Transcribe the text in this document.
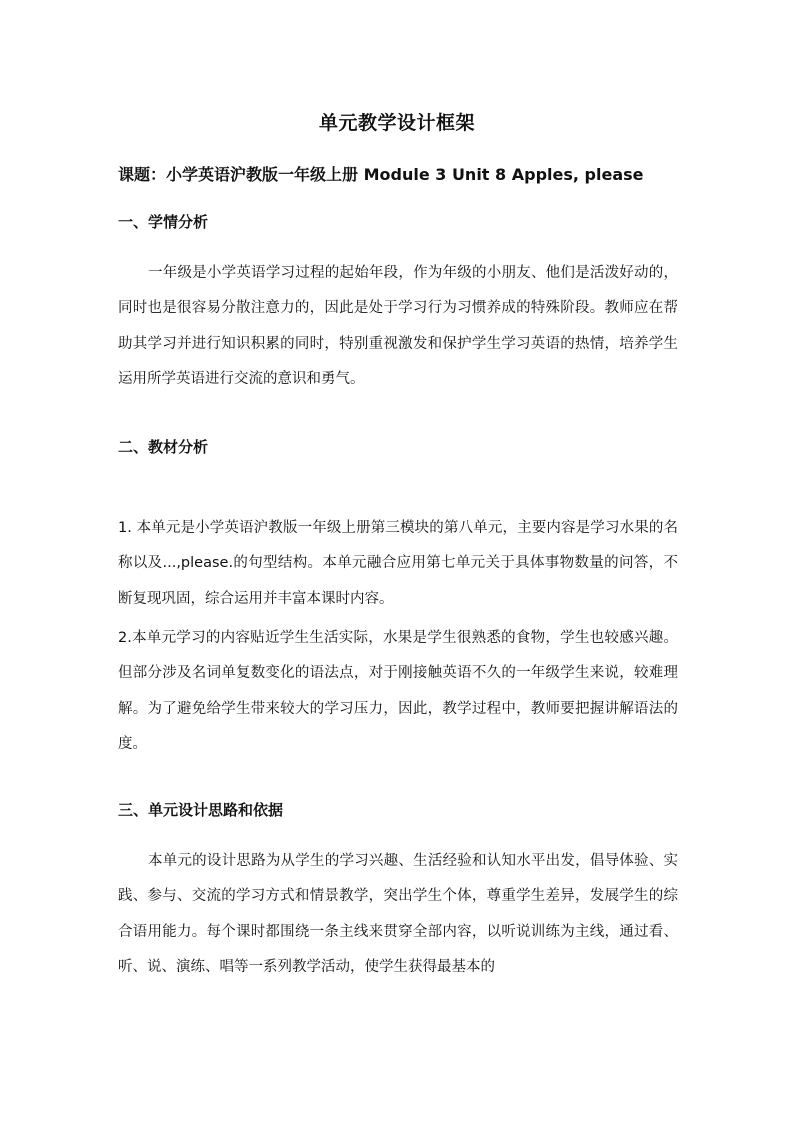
单元教学设计框架
课题：小学英语沪教版一年级上册 Module 3 Unit 8 Apples, please
一、学情分析

一年级是小学英语学习过程的起始年段，作为年级的小朋友、他们是活泼好动的，同时也是很容易分散注意力的，因此是处于学习行为习惯养成的特殊阶段。教师应在帮助其学习并进行知识积累的同时，特别重视激发和保护学生学习英语的热情，培养学生运用所学英语进行交流的意识和勇气。

二、教材分析

1. 本单元是小学英语沪教版一年级上册第三模块的第八单元，主要内容是学习水果的名称以及...,please.的句型结构。本单元融合应用第七单元关于具体事物数量的问答，不断复现巩固，综合运用并丰富本课时内容。

2.本单元学习的内容贴近学生生活实际，水果是学生很熟悉的食物，学生也较感兴趣。但部分涉及名词单复数变化的语法点，对于刚接触英语不久的一年级学生来说，较难理解。为了避免给学生带来较大的学习压力，因此，教学过程中，教师要把握讲解语法的度。

三、单元设计思路和依据

本单元的设计思路为从学生的学习兴趣、生活经验和认知水平出发，倡导体验、实践、参与、交流的学习方式和情景教学，突出学生个体，尊重学生差异，发展学生的综合语用能力。每个课时都围绕一条主线来贯穿全部内容，以听说训练为主线，通过看、听、说、演练、唱等一系列教学活动，使学生获得最基本的
